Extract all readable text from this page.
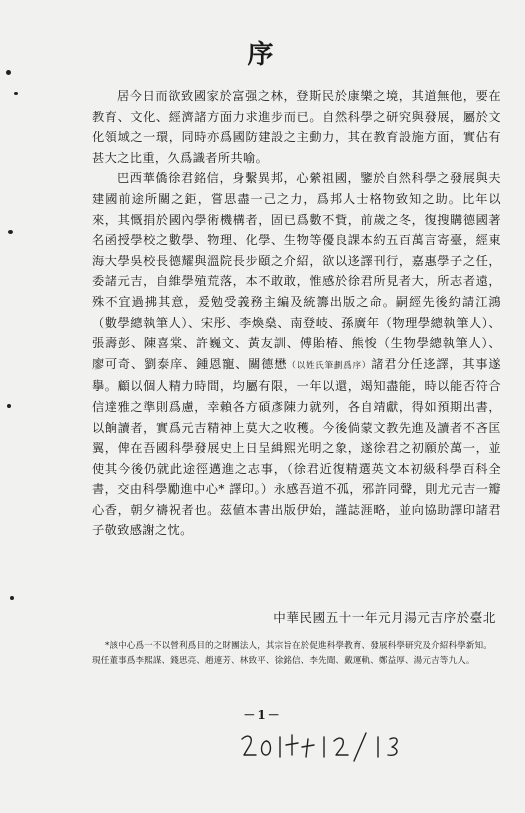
序

居今日而欲致國家於富强之林，登斯民於康樂之境，其道無他，要在教育、文化、經濟諸方面力求進步而已。自然科學之研究與發展，屬於文化領域之一環，同時亦爲國防建設之主動力，其在教育設施方面，實佔有甚大之比重，久爲識者所共喻。

巴西華僑徐君銘信，身繫異邦，心縈祖國，鑒於自然科學之發展與夫建國前途所關之鉅，嘗思盡一己之力，爲邦人士格物致知之助。比年以來，其慨捐於國內學術機構者，固已爲數不貲，前歲之冬，復搜購德國著名函授學校之數學、物理、化學、生物等優良課本約五百萬言寄臺，經東海大學吳校長德耀與溫院長步頤之介紹，欲以迻譯刊行，嘉惠學子之任，委諸元吉，自維學殖荒落，本不敢敢，惟感於徐君所見者大，所志者遠，殊不宜過拂其意，爰勉受義務主編及統籌出版之命。嗣經先後約請江鴻（數學總執筆人）、宋彤、李煥燊、南登岐、孫廣年（物理學總執筆人）、張壽彭、陳喜棠、許巍文、黃友訓、傅貽椿、熊悛（生物學總執筆人）、廖可奇、劉泰庠、鍾恩寵、關德懋（以姓氏筆劃爲序）諸君分任迻譯，其事遂擧。顧以個人精力時間，均屬有限，一年以還，竭知盡能，時以能否符合信達雅之準則爲慮，幸賴各方碩彥陳力就列，各自靖獻，得如預期出書，以餉讀者，實爲元吉精神上莫大之收穫。今後倘蒙文教先進及讀者不吝匡翼，俾在吾國科學發展史上日呈緝熙光明之象，遂徐君之初願於萬一，並使其今後仍就此途徑邁進之志事，（徐君近復精選英文本初級科學百科全書，交由科學勵進中心* 譯印。）永感吾道不孤，邪許同聲，則尤元吉一瓣心香，朝夕禱祝者也。茲値本書出版伊始，謹誌涯略，並向協助譯印諸君子敬致感謝之忱。

中華民國五十一年元月湯元吉序於臺北

*該中心爲一不以營利爲目的之財團法人，其宗旨在於促進科學教育、發展科學研究及介紹科學新知。現任董事爲李熙謀、錢思亮、趙連芳、林致平、徐銘信、李先聞、戴運軌、鄭益厚、湯元吉等九人。

－1－
